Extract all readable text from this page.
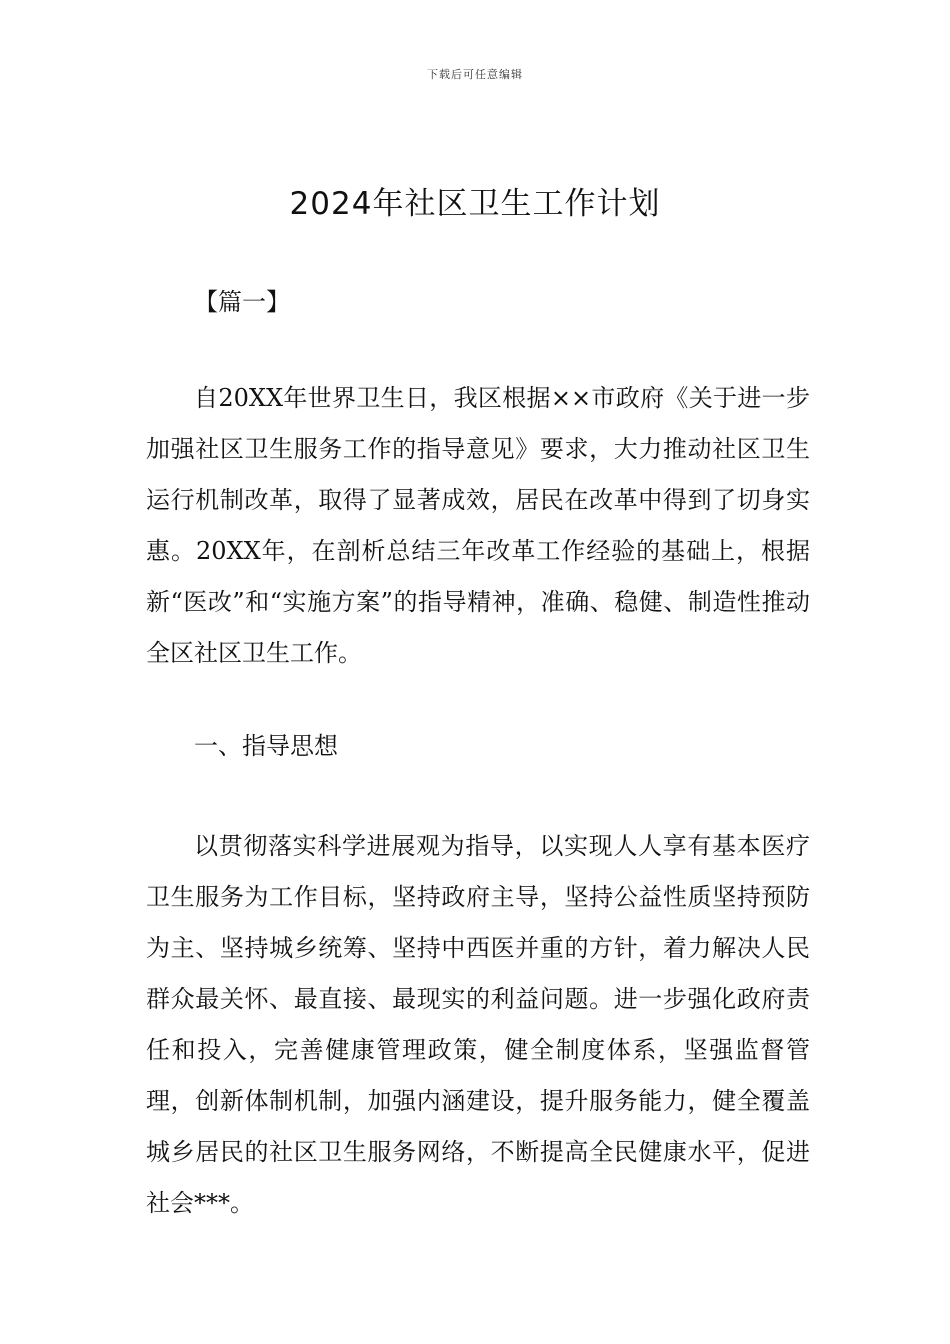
下载后可任意编辑
2024年社区卫生工作计划
【篇一】

自20XX年世界卫生日，我区根据××市政府《关于进一步加强社区卫生服务工作的指导意见》要求，大力推动社区卫生运行机制改革，取得了显著成效，居民在改革中得到了切身实惠。20XX年，在剖析总结三年改革工作经验的基础上，根据新“医改”和“实施方案”的指导精神，准确、稳健、制造性推动全区社区卫生工作。

一、指导思想

以贯彻落实科学进展观为指导，以实现人人享有基本医疗卫生服务为工作目标，坚持政府主导，坚持公益性质坚持预防为主、坚持城乡统筹、坚持中西医并重的方针，着力解决人民群众最关怀、最直接、最现实的利益问题。进一步强化政府责任和投入，完善健康管理政策，健全制度体系，坚强监督管理，创新体制机制，加强内涵建设，提升服务能力，健全覆盖城乡居民的社区卫生服务网络，不断提高全民健康水平，促进社会***。
